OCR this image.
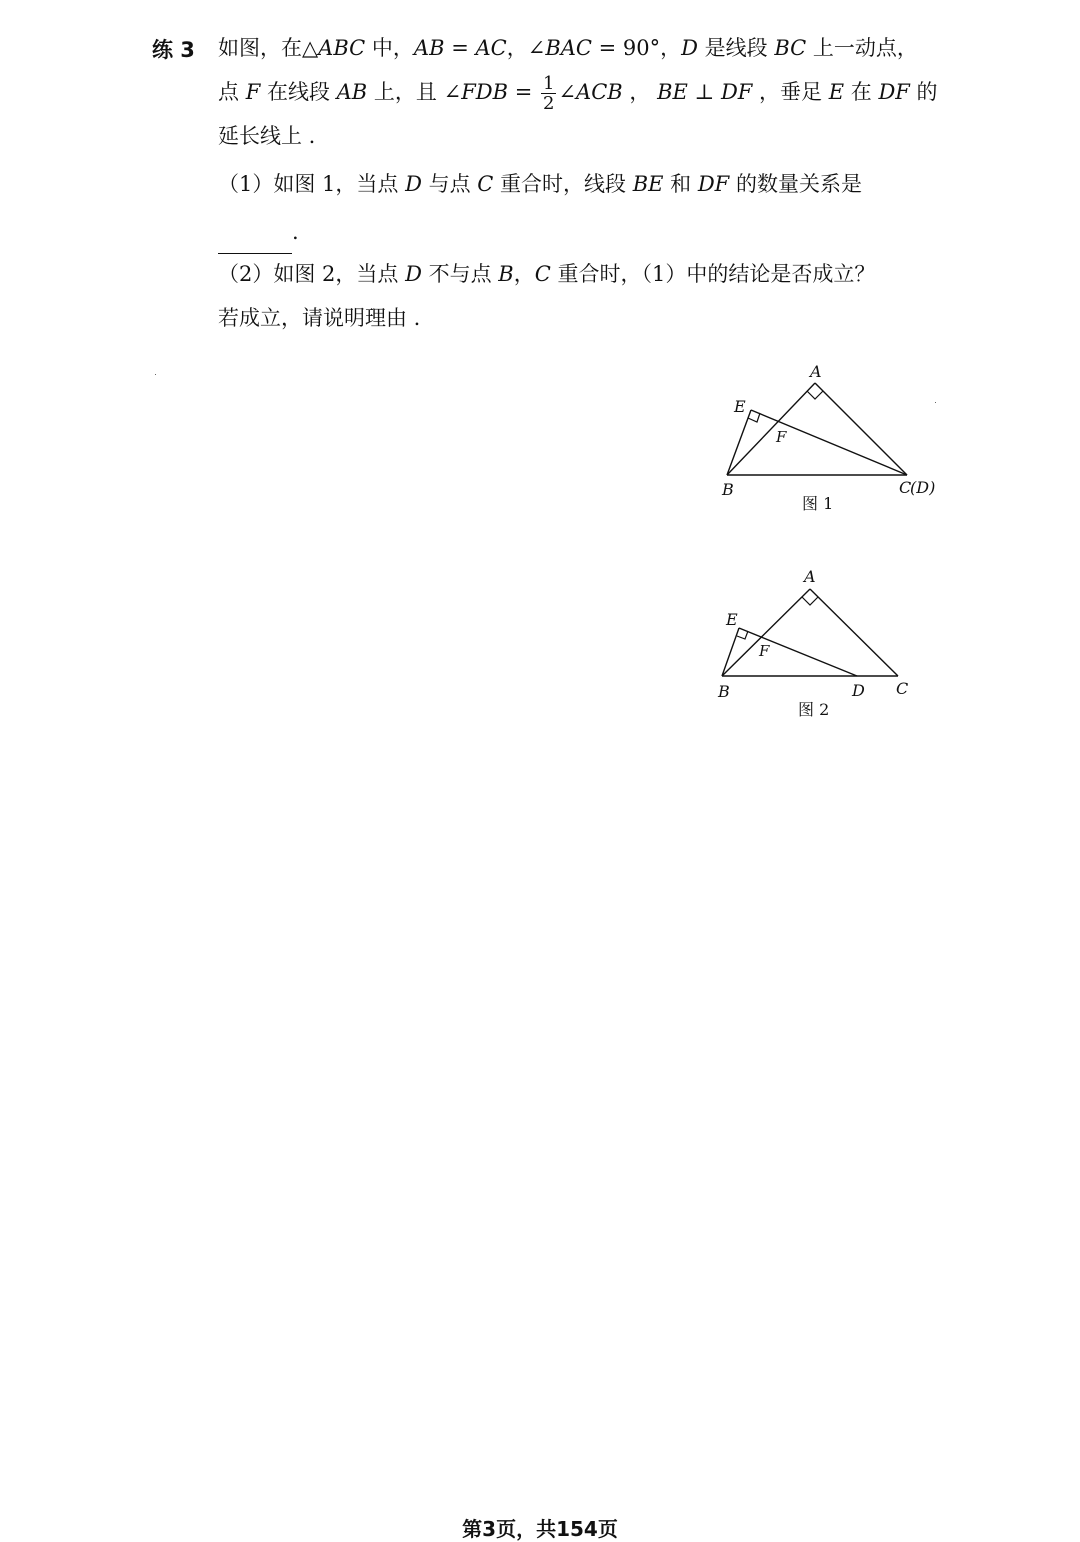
练 3 如图，在△ABC 中，AB = AC，∠BAC = 90°，D 是线段 BC 上一动点，
点 F 在线段 AB 上，且 ∠FDB = $\frac{1}{2}$ ∠ACB ， BE ⊥ DF ，垂足 E 在 DF 的
延长线上 .
（1）如图 1，当点 D 与点 C 重合时，线段 BE 和 DF 的数量关系是
.
（2）如图 2，当点 D 不与点 B，C 重合时，（1）中的结论是否成立？
若成立，请说明理由 .
A
E
F
B	C
(D)
图 1
A
E
F
B	D C
图 2
第3页，共154页
